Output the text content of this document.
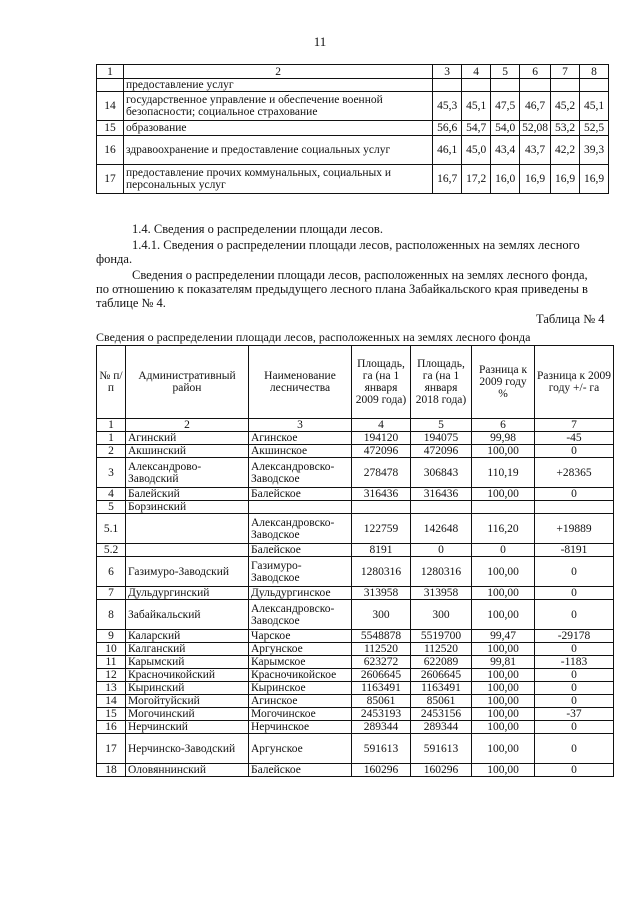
11
1	2	3	4	5	6	7	8
	предоставление услуг						
14	государственное управление и обеспечение военной безопасности; социальное страхование	45,3	45,1	47,5	46,7	45,2	45,1
15	образование	56,6	54,7	54,0	52,08	53,2	52,5
16	здравоохранение и предоставление социальных услуг	46,1	45,0	43,4	43,7	42,2	39,3
17	предоставление прочих коммунальных, социальных и персональных услуг	16,7	17,2	16,0	16,9	16,9	16,9
1.4. Сведения о распределении площади лесов.
1.4.1. Сведения о распределении площади лесов, расположенных на землях лесного
фонда.
Сведения о распределении площади лесов, расположенных на землях лесного фонда,
по отношению к показателям предыдущего лесного плана Забайкальского края приведены в
таблице № 4.
Таблица № 4
Сведения о распределении площади лесов, расположенных на землях лесного фонда
№ п/п	Административный район	Наименование лесничества	Площадь, га (на 1 января 2009 года)	Площадь, га (на 1 января 2018 года)	Разница к 2009 году %	Разница к 2009 году +/- га
1	2	3	4	5	6	7
1	Агинский	Агинское	194120	194075	99,98	-45
2	Акшинский	Акшинское	472096	472096	100,00	0
3	Александрово-Заводский	Александровско-Заводское	278478	306843	110,19	+28365
4	Балейский	Балейское	316436	316436	100,00	0
5	Борзинский					
5.1		Александровско-Заводское	122759	142648	116,20	+19889
5.2		Балейское	8191	0	0	-8191
6	Газимуро-Заводский	Газимуро-Заводское	1280316	1280316	100,00	0
7	Дульдургинский	Дульдургинское	313958	313958	100,00	0
8	Забайкальский	Александровско-Заводское	300	300	100,00	0
9	Каларский	Чарское	5548878	5519700	99,47	-29178
10	Калганский	Аргунское	112520	112520	100,00	0
11	Карымский	Карымское	623272	622089	99,81	-1183
12	Красночикойский	Красночикойское	2606645	2606645	100,00	0
13	Кыринский	Кыринское	1163491	1163491	100,00	0
14	Могойтуйский	Агинское	85061	85061	100,00	0
15	Могочинский	Могочинское	2453193	2453156	100,00	-37
16	Нерчинский	Нерчинское	289344	289344	100,00	0
17	Нерчинско-Заводский	Аргунское	591613	591613	100,00	0
18	Оловяннинский	Балейское	160296	160296	100,00	0
